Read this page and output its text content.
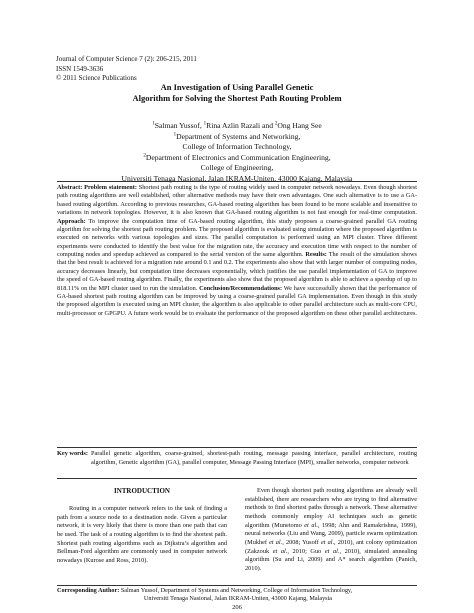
Journal of Computer Science 7 (2): 206-215, 2011
ISSN 1549-3636
© 2011 Science Publications
An Investigation of Using Parallel Genetic
Algorithm for Solving the Shortest Path Routing Problem
$^1$Salman Yussof, $^1$Rina Azlin Razali and $^2$Ong Hang See
$^1$Department of Systems and Networking,
College of Information Technology,
$^2$Department of Electronics and Communication Engineering,
College of Engineering,
Universiti Tenaga Nasional, Jalan IKRAM-Uniten, 43000 Kajang, Malaysia
Abstract: Problem statement: Shortest path routing is the type of routing widely used in computer network nowadays. Even though shortest path routing algorithms are well established, other alternative methods may have their own advantages. One such alternative is to use a GA-based routing algorithm. According to previous researches, GA-based routing algorithm has been found to be more scalable and insensitive to variations in network topologies. However, it is also known that GA-based routing algorithm is not fast enough for real-time computation. Approach: To improve the computation time of GA-based routing algorithm, this study proposes a coarse-grained parallel GA routing algorithm for solving the shortest path routing problem. The proposed algorithm is evaluated using simulation where the proposed algorithm is executed on networks with various topologies and sizes. The parallel computation is performed using an MPI cluster. Three different experiments were conducted to identify the best value for the migration rate, the accuracy and execution time with respect to the number of computing nodes and speedup achieved as compared to the serial version of the same algorithm. Results: The result of the simulation shows that the best result is achieved for a migration rate around 0.1 and 0.2. The experiments also show that with larger number of computing nodes, accuracy decreases linearly, but computation time decreases exponentially, which justifies the use parallel implementation of GA to improve the speed of GA-based routing algorithm. Finally, the experiments also show that the proposed algorithm is able to achieve a speedup of up to 818.11% on the MPI cluster used to run the simulation. Conclusion/Recommendations: We have successfully shown that the performance of GA-based shortest path routing algorithm can be improved by using a coarse-grained parallel GA implementation. Even though in this study the proposed algorithm is executed using an MPI cluster, the algorithm is also applicable to other parallel architecture such as multi-core CPU, multi-processor or GPGPU. A future work would be to evaluate the performance of the proposed algorithm on these other parallel architectures.
Key words: Parallel genetic algorithm, coarse-grained, shortest-path routing, message passing interface, parallel architecture, routing algorithm, Genetic algorithm (GA), parallel computer, Message Passing Interface (MPI), smaller networks, computer network
INTRODUCTION
Routing in a computer network refers to the task of finding a path from a source node to a destination node. Given a particular network, it is very likely that there is more than one path that can be used. The task of a routing algorithm is to find the shortest path. Shortest path routing algorithms such as Dijkstra’s algorithm and Bellman-Ford algorithm are commonly used in computer network nowadays (Kurose and Ross, 2010).
Even though shortest path routing algorithms are already well established, there are researchers who are trying to find alternative methods to find shortest paths through a network. These alternative methods commonly employ AI techniques such as genetic algorithm (Munetomo et al., 1998; Ahn and Ramakrishna, 1999), neural networks (Liu and Wang, 2009), particle swarm optimization (Mukhef et al., 2008; Yusoff et al., 2010), ant colony optimization (Zakzouk et al., 2010; Guo et al., 2010), simulated annealing algorithm (Su and Li, 2009) and A* search algorithm (Panich, 2010).
Corresponding Author: Salman Yussof, Department of Systems and Networking, College of Information Technology,
Universiti Tenaga Nasional, Jalan IKRAM-Uniten, 43000 Kajang, Malaysia
206
